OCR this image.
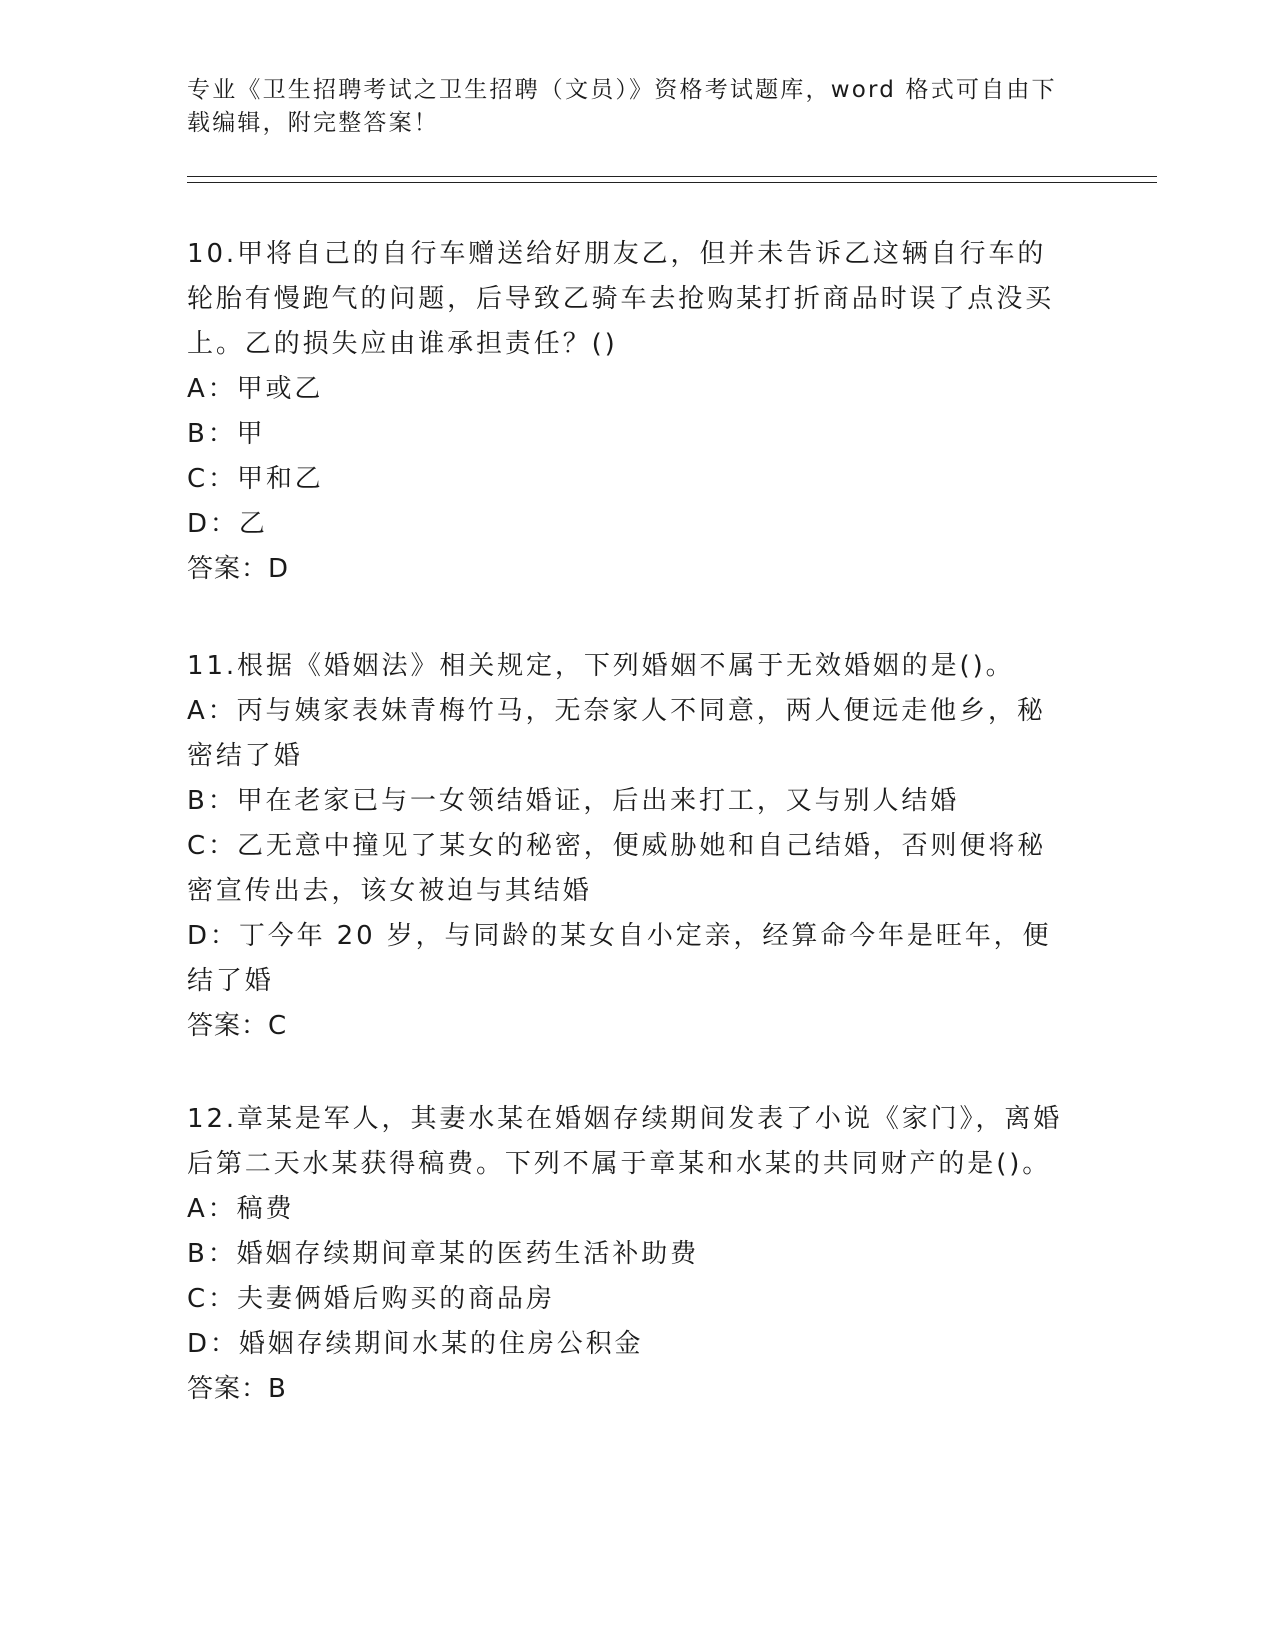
专业《卫生招聘考试之卫生招聘（文员）》资格考试题库，word 格式可自由下载编辑，附完整答案！
10.甲将自己的自行车赠送给好朋友乙，但并未告诉乙这辆自行车的轮胎有慢跑气的问题，后导致乙骑车去抢购某打折商品时误了点没买上。乙的损失应由谁承担责任？()
A：甲或乙
B：甲
C：甲和乙
D：乙
答案：D
11.根据《婚姻法》相关规定，下列婚姻不属于无效婚姻的是()。
A：丙与姨家表妹青梅竹马，无奈家人不同意，两人便远走他乡，秘密结了婚
B：甲在老家已与一女领结婚证，后出来打工，又与别人结婚
C：乙无意中撞见了某女的秘密，便威胁她和自己结婚，否则便将秘密宣传出去，该女被迫与其结婚
D：丁今年 20 岁，与同龄的某女自小定亲，经算命今年是旺年，便结了婚
答案：C
12.章某是军人，其妻水某在婚姻存续期间发表了小说《家门》，离婚后第二天水某获得稿费。下列不属于章某和水某的共同财产的是()。
A：稿费
B：婚姻存续期间章某的医药生活补助费
C：夫妻俩婚后购买的商品房
D：婚姻存续期间水某的住房公积金
答案：B
